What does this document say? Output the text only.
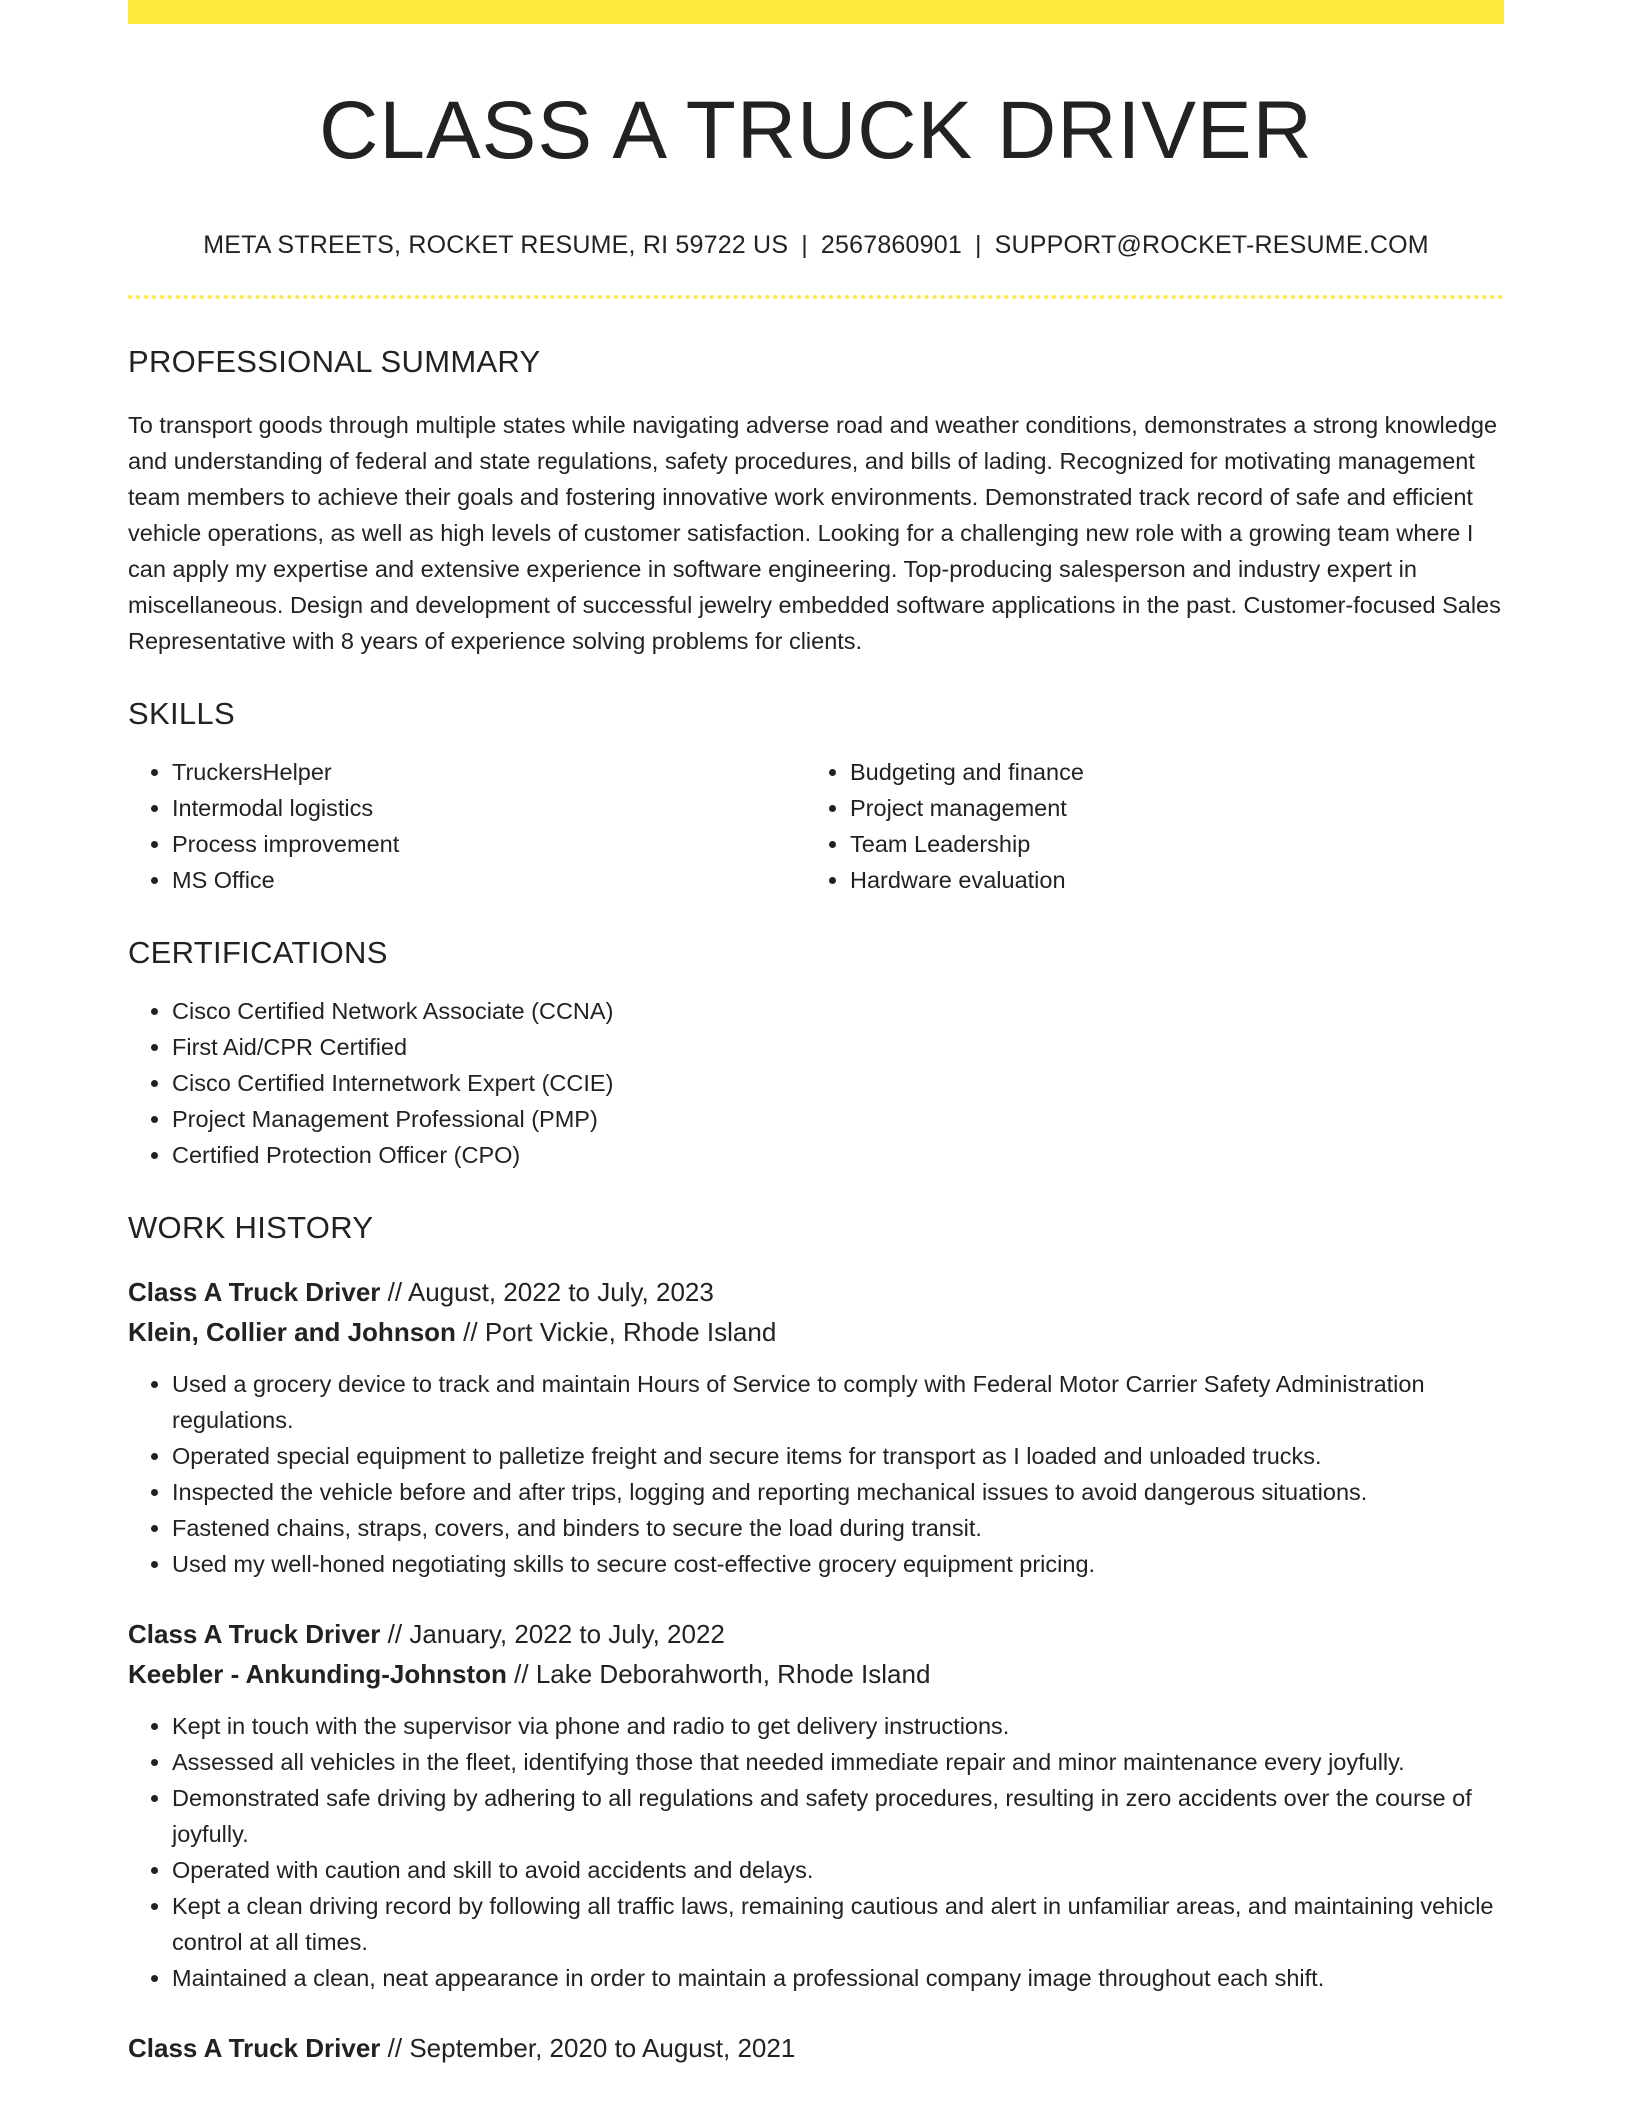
CLASS A TRUCK DRIVER
META STREETS, ROCKET RESUME, RI 59722 US | 2567860901 | SUPPORT@ROCKET-RESUME.COM
PROFESSIONAL SUMMARY
To transport goods through multiple states while navigating adverse road and weather conditions, demonstrates a strong knowledge and understanding of federal and state regulations, safety procedures, and bills of lading. Recognized for motivating management team members to achieve their goals and fostering innovative work environments. Demonstrated track record of safe and efficient vehicle operations, as well as high levels of customer satisfaction. Looking for a challenging new role with a growing team where I can apply my expertise and extensive experience in software engineering. Top-producing salesperson and industry expert in miscellaneous. Design and development of successful jewelry embedded software applications in the past. Customer-focused Sales Representative with 8 years of experience solving problems for clients.
SKILLS
• TruckersHelper
• Intermodal logistics
• Process improvement
• MS Office
• Budgeting and finance
• Project management
• Team Leadership
• Hardware evaluation
CERTIFICATIONS
• Cisco Certified Network Associate (CCNA)
• First Aid/CPR Certified
• Cisco Certified Internetwork Expert (CCIE)
• Project Management Professional (PMP)
• Certified Protection Officer (CPO)
WORK HISTORY
Class A Truck Driver // August, 2022 to July, 2023
Klein, Collier and Johnson // Port Vickie, Rhode Island
• Used a grocery device to track and maintain Hours of Service to comply with Federal Motor Carrier Safety Administration regulations.
• Operated special equipment to palletize freight and secure items for transport as I loaded and unloaded trucks.
• Inspected the vehicle before and after trips, logging and reporting mechanical issues to avoid dangerous situations.
• Fastened chains, straps, covers, and binders to secure the load during transit.
• Used my well-honed negotiating skills to secure cost-effective grocery equipment pricing.
Class A Truck Driver // January, 2022 to July, 2022
Keebler - Ankunding-Johnston // Lake Deborahworth, Rhode Island
• Kept in touch with the supervisor via phone and radio to get delivery instructions.
• Assessed all vehicles in the fleet, identifying those that needed immediate repair and minor maintenance every joyfully.
• Demonstrated safe driving by adhering to all regulations and safety procedures, resulting in zero accidents over the course of joyfully.
• Operated with caution and skill to avoid accidents and delays.
• Kept a clean driving record by following all traffic laws, remaining cautious and alert in unfamiliar areas, and maintaining vehicle control at all times.
• Maintained a clean, neat appearance in order to maintain a professional company image throughout each shift.
Class A Truck Driver // September, 2020 to August, 2021
